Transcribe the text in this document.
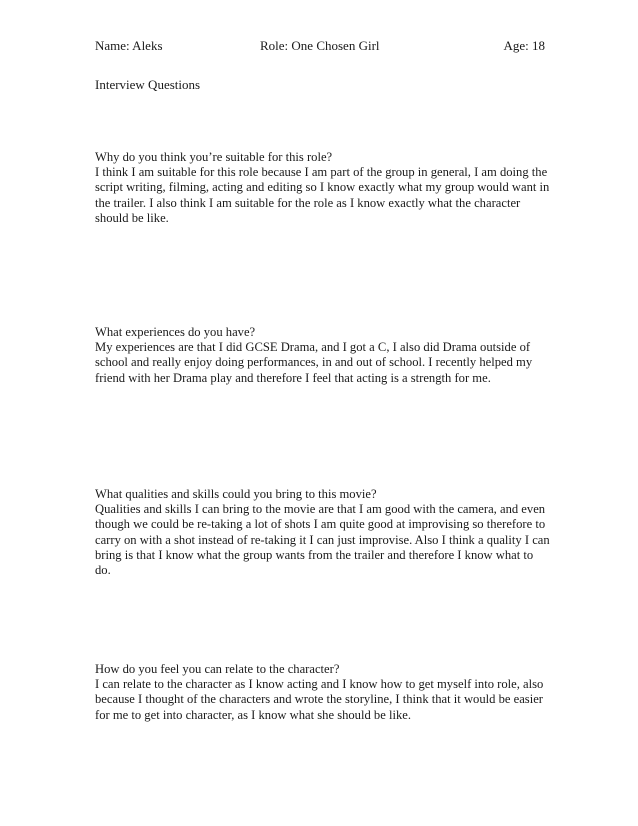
Name: Aleks	Role: One Chosen Girl	Age: 18
Interview Questions
Why do you think you’re suitable for this role?
I think I am suitable for this role because I am part of the group in general, I am doing the script writing, filming, acting and editing so I know exactly what my group would want in the trailer. I also think I am suitable for the role as I know exactly what the character should be like.
What experiences do you have?
My experiences are that I did GCSE Drama, and I got a C, I also did Drama outside of school and really enjoy doing performances, in and out of school. I recently helped my friend with her Drama play and therefore I feel that acting is a strength for me.
What qualities and skills could you bring to this movie?
Qualities and skills I can bring to the movie are that I am good with the camera, and even though we could be re-taking a lot of shots I am quite good at improvising so therefore to carry on with a shot instead of re-taking it I can just improvise. Also I think a quality I can bring is that I know what the group wants from the trailer and therefore I know what to do.
How do you feel you can relate to the character?
I can relate to the character as I know acting and I know how to get myself into role, also because I thought of the characters and wrote the storyline, I think that it would be easier for me to get into character, as I know what she should be like.
